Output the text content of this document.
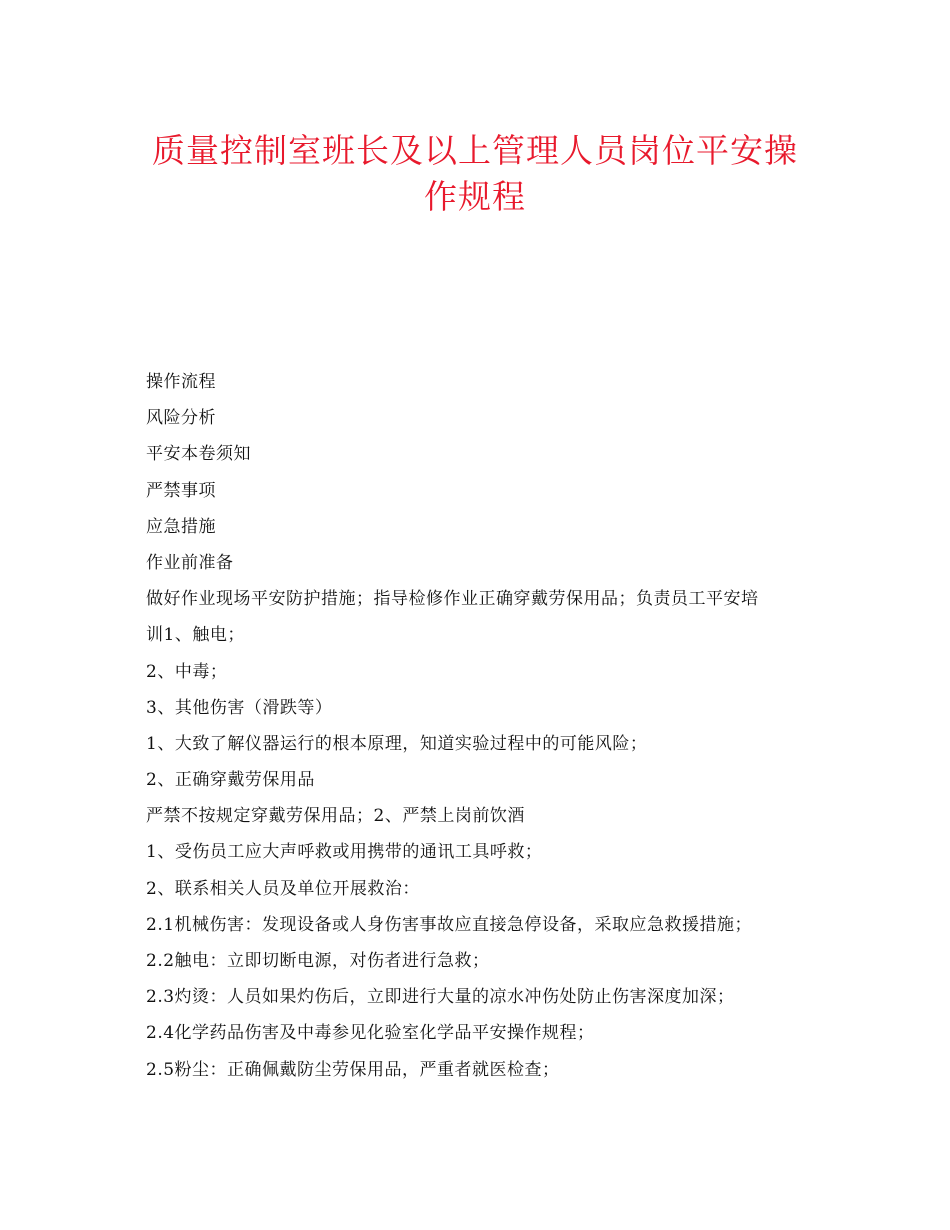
质量控制室班长及以上管理人员岗位平安操作规程
操作流程
风险分析
平安本卷须知
严禁事项
应急措施
作业前准备
做好作业现场平安防护措施；指导检修作业正确穿戴劳保用品；负责员工平安培
训1、触电；
2、中毒；
3、其他伤害（滑跌等）
1、大致了解仪器运行的根本原理，知道实验过程中的可能风险；
2、正确穿戴劳保用品
严禁不按规定穿戴劳保用品；2、严禁上岗前饮酒
1、受伤员工应大声呼救或用携带的通讯工具呼救；
2、联系相关人员及单位开展救治：
2.1机械伤害：发现设备或人身伤害事故应直接急停设备，采取应急救援措施；
2.2触电：立即切断电源，对伤者进行急救；
2.3灼烫：人员如果灼伤后，立即进行大量的凉水冲伤处防止伤害深度加深；
2.4化学药品伤害及中毒参见化验室化学品平安操作规程；
2.5粉尘：正确佩戴防尘劳保用品，严重者就医检查；
